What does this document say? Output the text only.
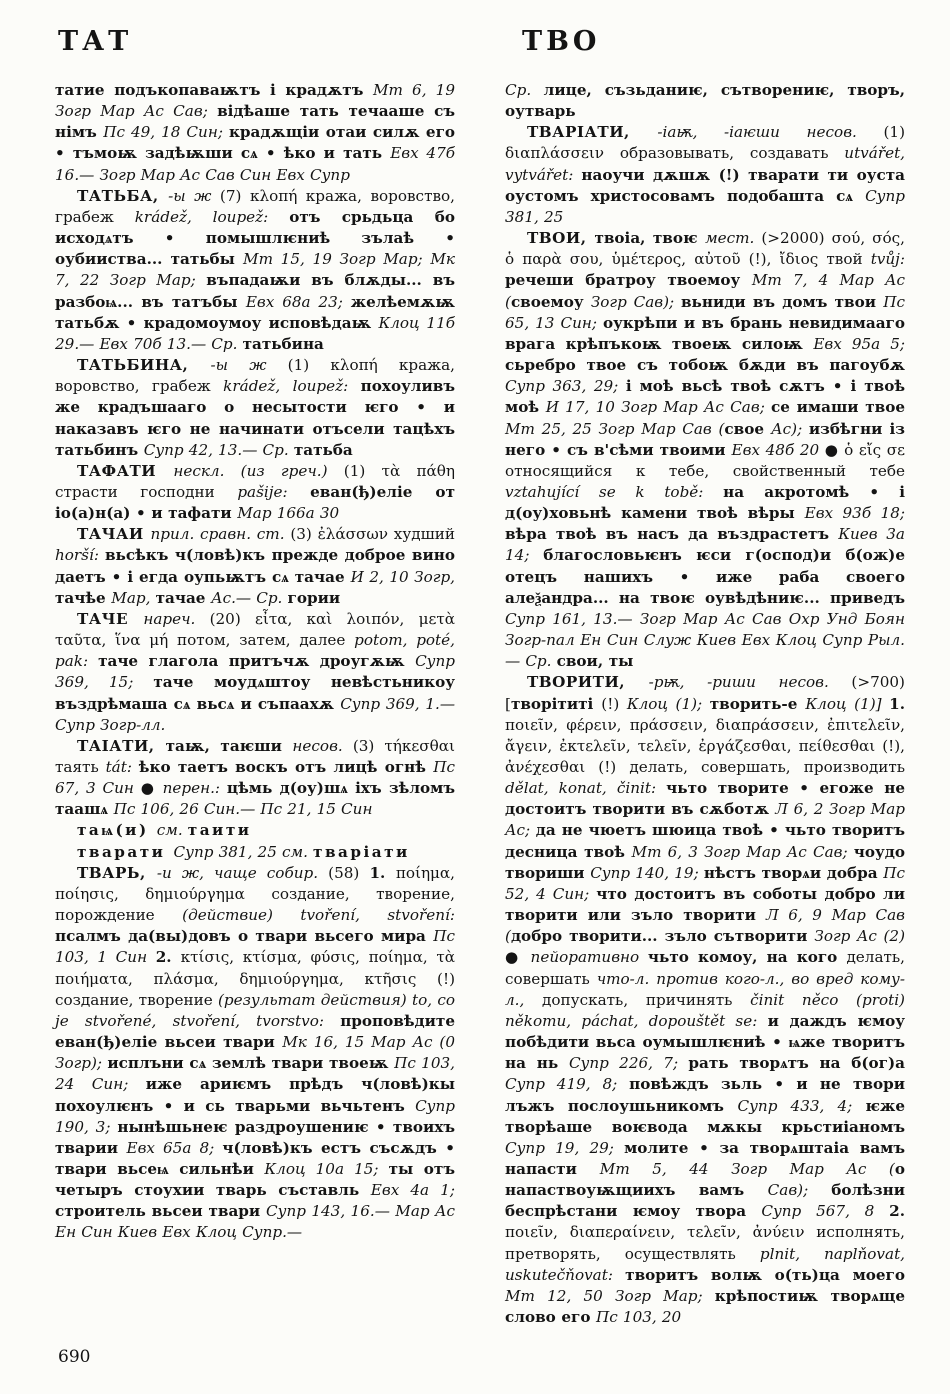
ТАТ	ТВО

татие подъкопаваѭтъ і крадѫтъ Мт 6, 19 Зогр Мар Ас Сав; відѣаше тать течааше съ німъ Пс 49, 18 Син; крадѫщіи отаи силѫ его • тъмоѭ задѣѭши сѧ • ѣко и тать Евх 47б 16.— Зогр Мар Ас Сав Син Евх Супр

ТАТЬБА, -ы ж (7) κλοπή кража, воровство, грабеж krádež, loupež: отъ срьдьца бо исходѧтъ • помышлѥниѣ зълаѣ • оубииства... татьбы Мт 15, 19 Зогр Мар; Мк 7, 22 Зогр Мар; въпадаѭи въ блѫды... въ разбоѩ... въ татъбы Евх 68а 23; желѣемѫѭ татьбѫ • крадомоумоу исповѣдаѭ Клоц 11б 29.— Евх 70б 13.— Ср. татьбина

ТАТЬБИНА, -ы ж (1) κλοπή кража, воровство, грабеж krádež, loupež: похоуливъ же крадъшааго о несытости ѥго • и наказавъ ѥго не начинати отъсели тацѣхъ татьбинъ Супр 42, 13.— Ср. татьба

ТАФАТИ нескл. (из греч.) (1) τὰ πάθη страсти господни pašije: еван(ђ)еліе от іо(а)н(а) • и тафати Мар 166а 30

ТАЧАИ прил. сравн. ст. (3) ἐλάσσων худший horší: вьсѣкъ ч(ловѣ)къ прежде доброе вино даетъ • і егда оупьѭтъ сѧ тачае И 2, 10 Зогр, тачѣе Мар, тачае Ас.— Ср. гории

ТАЧЕ нареч. (20) εἶτα, καὶ λοιπόν, μετὰ ταῦτα, ἵνα μή потом, затем, далее potom, poté, pak: таче глагола притъчѫ дроугѫѭ Супр 369, 15; таче моудѧштоу невѣстьникоу въздрѣмаша сѧ вьсѧ и съпаахѫ Супр 369, 1.— Супр Зогр-лл.

ТАІАТИ, таѭ, таѥши несов. (3) τήκεσθαι таять tát: ѣко таетъ воскъ отъ лицѣ огнѣ Пс 67, 3 Син ● перен.: цѣмь д(оу)шѧ іхъ зѣломъ таашѧ Пс 106, 26 Син.— Пс 21, 15 Син

таѩ(и) см. таити

тварати Супр 381, 25 см. тваріати

ТВАРЬ, -и ж, чаще собир. (58) 1. ποίημα, ποίησις, δημιούργημα создание, творение, порождение (действие) tvoření, stvoření: псалмъ да(вы)довъ о твари вьсего мира Пс 103, 1 Син 2. κτίσις, κτίσμα, φύσις, ποίημα, τὰ ποιήματα, πλάσμα, δημιούργημα, κτῆσις (!) создание, творение (результат действия) to, co je stvořené, stvoření, tvorstvo: проповѣдите еван(ђ)еліе вьсеи твари Мк 16, 15 Мар Ас (0 Зогр); исплъни сѧ землѣ твари твоеѭ Пс 103, 24 Син; иже ариѥмъ прѣдъ ч(ловѣ)кы похоулѥнъ • и сь тварьми вьчьтенъ Супр 190, 3; нынѣшьнеѥ раздроушениѥ • твоихъ тварии Евх 65а 8; ч(ловѣ)къ естъ съсѫдъ • твари вьсеѩ сильнѣи Клоц 10а 15; ты отъ четыръ стоухии тварь съставль Евх 4а 1; строитель вьсеи твари Супр 143, 16.— Мар Ас Ен Син Киев Евх Клоц Супр.—

Ср. лице, съзьданиѥ, сътворениѥ, творъ, оутварь

ТВАРІАТИ, -іаѭ, -іаѥши несов. (1) διαπλάσσειν образовывать, создавать utvářet, vytvářet: наоучи дѫшѫ (!) тварати ти оуста оустомъ христосовамъ подобашта сѧ Супр 381, 25

ТВОИ, твоіа, твоѥ мест. (>2000) σού, σός, ὁ παρὰ σου, ὑμέτερος, αὐτοῦ (!), ἴδιος твой tvůj: речеши братроу твоемоу Мт 7, 4 Мар Ас (своемоу Зогр Сав); вьниди въ домъ твои Пс 65, 13 Син; оукрѣпи и въ брань невидимааго врага крѣпъкоѭ твоеѭ силоѭ Евх 95а 5; сьребро твое съ тобоѭ бѫди въ пагоубѫ Супр 363, 29; і моѣ вьсѣ твоѣ сѫтъ • і твоѣ моѣ И 17, 10 Зогр Мар Ас Сав; се имаши твое Мт 25, 25 Зогр Мар Сав (свое Ас); избѣгни із него • съ в'сѣми твоими Евх 48б 20 ● ὁ εἴς σε относящийся к тебе, свойственный тебе vztahující se k tobě: на акротомѣ • і д(оу)ховьнѣ камени твоѣ вѣры Евх 93б 18; вѣра твоѣ въ насъ да въздрастетъ Киев 3а 14; благословьѥнъ ѥси г(оспод)и б(ож)е отецъ нашихъ • иже раба своего алеѯандра... на твоѥ оувѣдѣниѥ... приведъ Супр 161, 13.— Зогр Мар Ас Сав Охр Унд Боян Зогр-пал Ен Син Служ Киев Евх Клоц Супр Рыл.— Ср. свои, ты

ТВОРИТИ, -рѭ, -риши несов. (>700) [творітиті (!) Клоц (1); творить-е Клоц (1)] 1. ποιεῖν, φέρειν, πράσσειν, διαπράσσειν, ἐπιτελεῖν, ἄγειν, ἐκτελεῖν, τελεῖν, ἐργάζεσθαι, πείθεσθαι (!), ἀνέχεσθαι (!) делать, совершать, производить dělat, konat, činit: чьто творите • егоже не достоитъ творити въ сѫботѫ Л 6, 2 Зогр Мар Ас; да не чюетъ шюица твоѣ • чьто творитъ десница твоѣ Мт 6, 3 Зогр Мар Ас Сав; чоудо твориши Супр 140, 19; нѣстъ творѧи добра Пс 52, 4 Син; что достоитъ въ соботы добро ли творити или зъло творити Л 6, 9 Мар Сав (добро творити... зъло сътворити Зогр Ас (2) ● пейоративно чьто комоу, на кого делать, совершать что-л. против кого-л., во вред кому-л., допускать, причинять činit něco (proti) někomu, páchat, dopouštět se: и даждъ ѥмоу побѣдити вьса оумышлѥниѣ • ѩже творитъ на нь Супр 226, 7; рать творѧтъ на б(ог)а Супр 419, 8; повѣждъ зьль • и не твори лъжъ послоушьникомъ Супр 433, 4; ѥже творѣаше воѥвода мѫкы крьстиіаномъ Супр 19, 29; молите • за творѧштаіа вамъ напасти Мт 5, 44 Зогр Мар Ас (о напаствоуѭщиихъ вамъ Сав); болѣзни беспрѣстани ѥмоу твора Супр 567, 8 2. ποιεῖν, διαπεραίνειν, τελεῖν, ἀνύειν исполнять, претворять, осуществлять plnit, naplňovat, uskutečňovat: творитъ волѭ о(ть)ца моего Мт 12, 50 Зогр Мар; крѣпостиѭ творѧще слово его Пс 103, 20

690
